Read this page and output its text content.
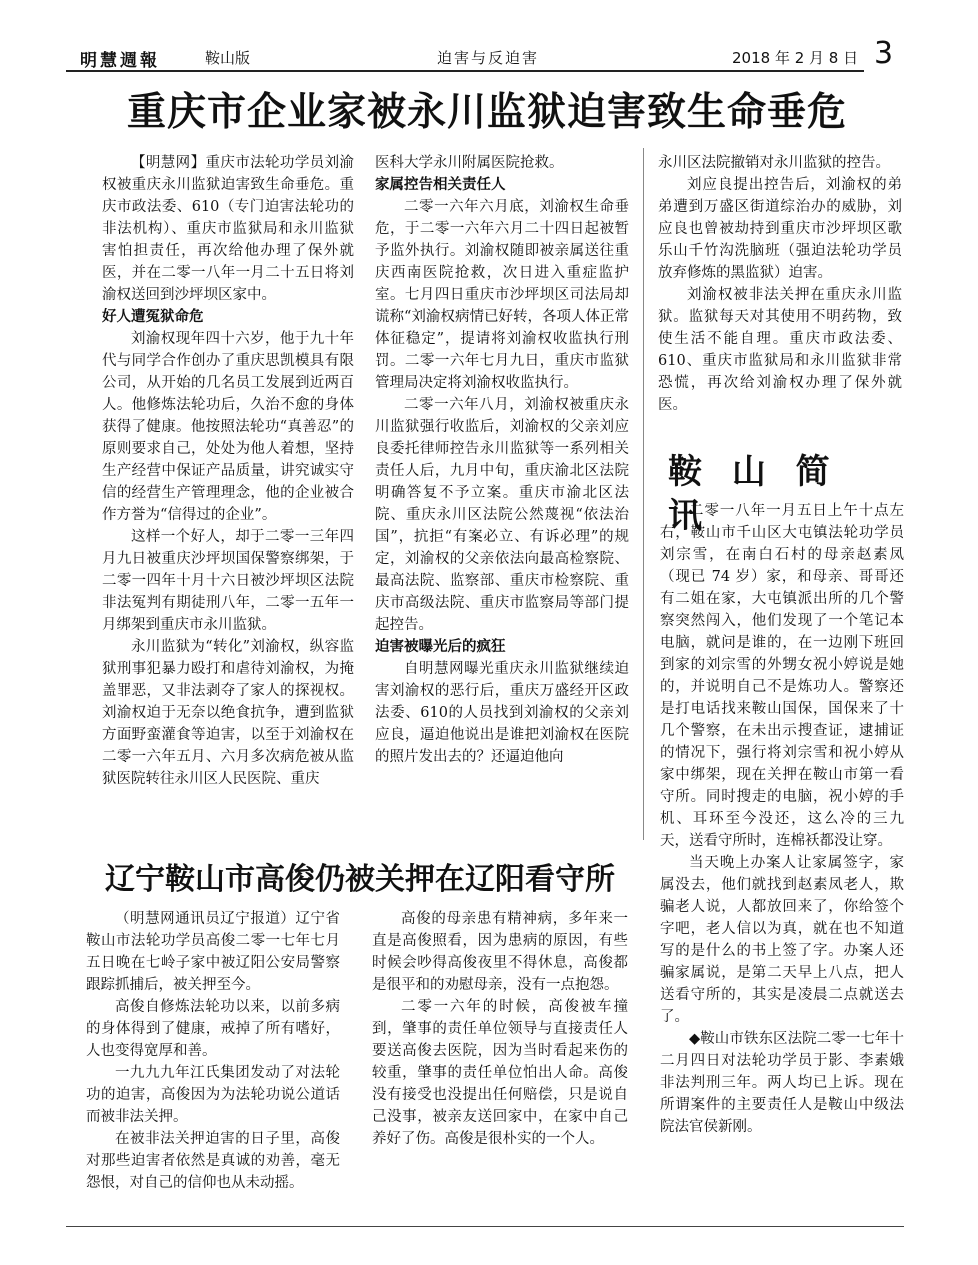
明慧週報	鞍山版	迫害与反迫害	2018 年 2 月 8 日 3
重庆市企业家被永川监狱迫害致生命垂危

【明慧网】重庆市法轮功学员刘渝权被重庆永川监狱迫害致生命垂危。重庆市政法委、610（专门迫害法轮功的非法机构）、重庆市监狱局和永川监狱害怕担责任，再次给他办理了保外就医，并在二零一八年一月二十五日将刘渝权送回到沙坪坝区家中。

好人遭冤狱命危

刘渝权现年四十六岁，他于九十年代与同学合作创办了重庆思凯模具有限公司，从开始的几名员工发展到近两百人。他修炼法轮功后，久治不愈的身体获得了健康。他按照法轮功“真善忍”的原则要求自己，处处为他人着想，坚持生产经营中保证产品质量，讲究诚实守信的经营生产管理理念，他的企业被合作方誉为“信得过的企业”。

这样一个好人，却于二零一三年四月九日被重庆沙坪坝国保警察绑架，于二零一四年十月十六日被沙坪坝区法院非法冤判有期徒刑八年，二零一五年一月绑架到重庆市永川监狱。

永川监狱为“转化”刘渝权，纵容监狱刑事犯暴力殴打和虐待刘渝权，为掩盖罪恶，又非法剥夺了家人的探视权。刘渝权迫于无奈以绝食抗争，遭到监狱方面野蛮灌食等迫害，以至于刘渝权在二零一六年五月、六月多次病危被从监狱医院转往永川区人民医院、重庆

医科大学永川附属医院抢救。

家属控告相关责任人

二零一六年六月底，刘渝权生命垂危，于二零一六年六月二十四日起被暂予监外执行。刘渝权随即被亲属送往重庆西南医院抢救，次日进入重症监护室。七月四日重庆市沙坪坝区司法局却谎称“刘渝权病情已好转，各项人体正常体征稳定”，提请将刘渝权收监执行刑罚。二零一六年七月九日，重庆市监狱管理局决定将刘渝权收监执行。

二零一六年八月，刘渝权被重庆永川监狱强行收监后，刘渝权的父亲刘应良委托律师控告永川监狱等一系列相关责任人后，九月中旬，重庆渝北区法院明确答复不予立案。重庆市渝北区法院、重庆永川区法院公然蔑视“依法治国”，抗拒“有案必立、有诉必理”的规定，刘渝权的父亲依法向最高检察院、最高法院、监察部、重庆市检察院、重庆市高级法院、重庆市监察局等部门提起控告。

迫害被曝光后的疯狂

自明慧网曝光重庆永川监狱继续迫害刘渝权的恶行后，重庆万盛经开区政法委、610的人员找到刘渝权的父亲刘应良，逼迫他说出是谁把刘渝权在医院的照片发出去的？还逼迫他向

永川区法院撤销对永川监狱的控告。

刘应良提出控告后，刘渝权的弟弟遭到万盛区街道综治办的威胁，刘应良也曾被劫持到重庆市沙坪坝区歌乐山千竹沟洗脑班（强迫法轮功学员放弃修炼的黑监狱）迫害。

刘渝权被非法关押在重庆永川监狱。监狱每天对其使用不明药物，致使生活不能自理。重庆市政法委、610、重庆市监狱局和永川监狱非常恐慌，再次给刘渝权办理了保外就医。

鞍 山 简 讯

二零一八年一月五日上午十点左右，鞍山市千山区大屯镇法轮功学员刘宗雪，在南白石村的母亲赵素凤（现已 74 岁）家，和母亲、哥哥还有二姐在家，大屯镇派出所的几个警察突然闯入，他们发现了一个笔记本电脑，就问是谁的，在一边刚下班回到家的刘宗雪的外甥女祝小婷说是她的，并说明自己不是炼功人。警察还是打电话找来鞍山国保，国保来了十几个警察，在未出示搜查证，逮捕证的情况下，强行将刘宗雪和祝小婷从家中绑架，现在关押在鞍山市第一看守所。同时搜走的电脑，祝小婷的手机、耳环至今没还，这么冷的三九天，送看守所时，连棉袄都没让穿。

当天晚上办案人让家属签字，家属没去，他们就找到赵素凤老人，欺骗老人说，人都放回来了，你给签个字吧，老人信以为真，就在也不知道写的是什么的书上签了字。办案人还骗家属说，是第二天早上八点，把人送看守所的，其实是凌晨二点就送去了。

◆鞍山市铁东区法院二零一七年十二月四日对法轮功学员于影、李素娥非法判刑三年。两人均已上诉。现在所谓案件的主要责任人是鞍山中级法院法官侯新刚。

辽宁鞍山市高俊仍被关押在辽阳看守所

（明慧网通讯员辽宁报道）辽宁省鞍山市法轮功学员高俊二零一七年七月五日晚在七岭子家中被辽阳公安局警察跟踪抓捕后，被关押至今。

高俊自修炼法轮功以来，以前多病的身体得到了健康，戒掉了所有嗜好，人也变得宽厚和善。

一九九九年江氏集团发动了对法轮功的迫害，高俊因为为法轮功说公道话而被非法关押。

在被非法关押迫害的日子里，高俊对那些迫害者依然是真诚的劝善，毫无怨恨，对自己的信仰也从未动摇。

高俊的母亲患有精神病，多年来一直是高俊照看，因为患病的原因，有些时候会吵得高俊夜里不得休息，高俊都是很平和的劝慰母亲，没有一点抱怨。

二零一六年的时候，高俊被车撞到，肇事的责任单位领导与直接责任人要送高俊去医院，因为当时看起来伤的较重，肇事的责任单位怕出人命。高俊没有接受也没提出任何赔偿，只是说自己没事，被亲友送回家中，在家中自己养好了伤。高俊是很朴实的一个人。
